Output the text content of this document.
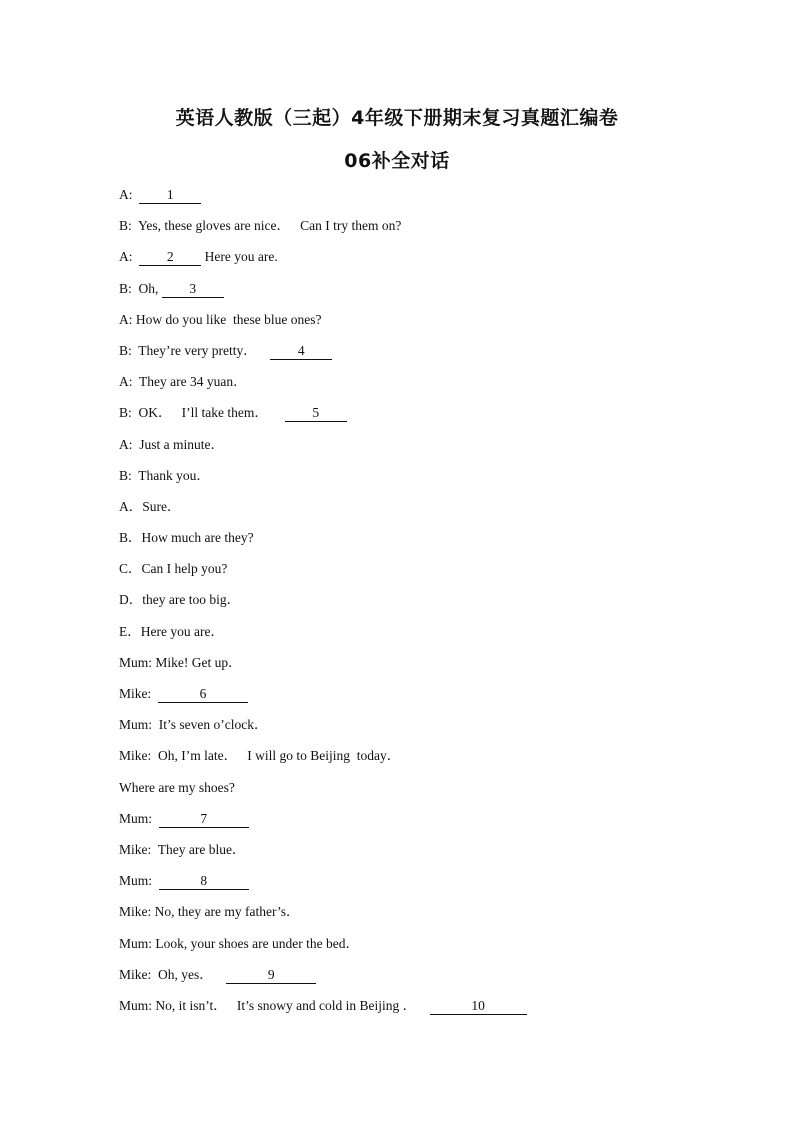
英语人教版（三起）4年级下册期末复习真题汇编卷
06补全对话
A:  1
B:  Yes, these gloves are nice．   Can I try them on?
A:  2 Here you are.
B:  Oh, 3
A: How do you like  these blue ones?
B:  They’re very pretty．    4
A:  They are 34 yuan．
B:  OK．   I’ll take them．     5
A:  Just a minute．
B:  Thank you．
A．Sure．
B．How much are they?
C．Can I help you?
D．they are too big．
E．Here you are．
Mum: Mike! Get up．
Mike:	6
Mum:  It’s seven o’clock．
Mike:  Oh, I’m late．   I will go to Beijing  today．
Where are my shoes?
Mum:	7
Mike:  They are blue．
Mum:	8
Mike: No, they are my father’s．
Mum: Look, your shoes are under the bed．
Mike:  Oh, yes．	9
Mum: No, it isn’t．   It’s snowy and cold in Beijing ．	10
